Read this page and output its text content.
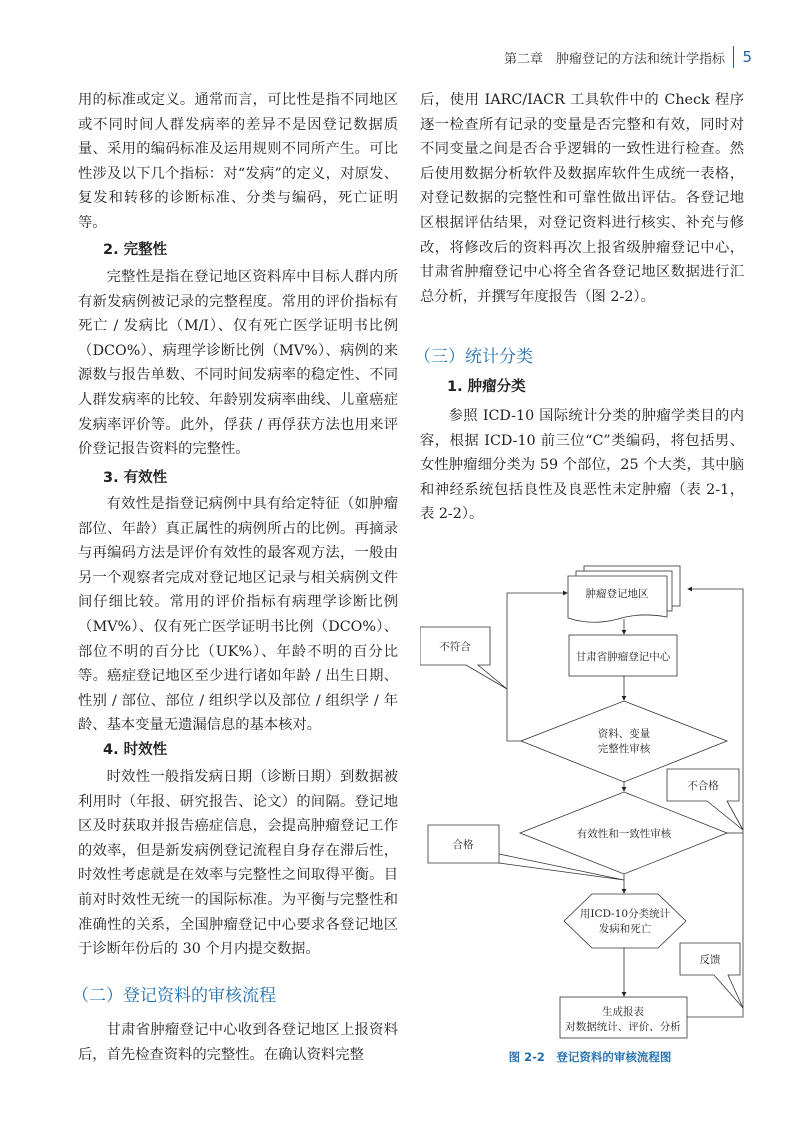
第二章　肿瘤登记的方法和统计学指标 5

用的标准或定义。通常而言，可比性是指不同地区或不同时间人群发病率的差异不是因登记数据质量、采用的编码标准及运用规则不同所产生。可比性涉及以下几个指标：对“发病”的定义，对原发、复发和转移的诊断标准、分类与编码，死亡证明等。

2. 完整性

完整性是指在登记地区资料库中目标人群内所有新发病例被记录的完整程度。常用的评价指标有死亡 / 发病比（M/I）、仅有死亡医学证明书比例（DCO%）、病理学诊断比例（MV%）、病例的来源数与报告单数、不同时间发病率的稳定性、不同人群发病率的比较、年龄别发病率曲线、儿童癌症发病率评价等。此外，俘获 / 再俘获方法也用来评价登记报告资料的完整性。

3. 有效性

有效性是指登记病例中具有给定特征（如肿瘤部位、年龄）真正属性的病例所占的比例。再摘录与再编码方法是评价有效性的最客观方法，一般由另一个观察者完成对登记地区记录与相关病例文件间仔细比较。常用的评价指标有病理学诊断比例（MV%）、仅有死亡医学证明书比例（DCO%）、部位不明的百分比（UK%）、年龄不明的百分比等。癌症登记地区至少进行诸如年龄 / 出生日期、性别 / 部位、部位 / 组织学以及部位 / 组织学 / 年龄、基本变量无遗漏信息的基本核对。

4. 时效性

时效性一般指发病日期（诊断日期）到数据被利用时（年报、研究报告、论文）的间隔。登记地区及时获取并报告癌症信息，会提高肿瘤登记工作的效率，但是新发病例登记流程自身存在滞后性，时效性考虑就是在效率与完整性之间取得平衡。目前对时效性无统一的国际标准。为平衡与完整性和准确性的关系，全国肿瘤登记中心要求各登记地区于诊断年份后的 30 个月内提交数据。

（二）登记资料的审核流程

甘肃省肿瘤登记中心收到各登记地区上报资料后，首先检查资料的完整性。在确认资料完整

后，使用 IARC/IACR 工具软件中的 Check 程序逐一检查所有记录的变量是否完整和有效，同时对不同变量之间是否合乎逻辑的一致性进行检查。然后使用数据分析软件及数据库软件生成统一表格，对登记数据的完整性和可靠性做出评估。各登记地区根据评估结果，对登记资料进行核实、补充与修改，将修改后的资料再次上报省级肿瘤登记中心，甘肃省肿瘤登记中心将全省各登记地区数据进行汇总分析，并撰写年度报告（图 2-2）。

（三）统计分类
1. 肿瘤分类

参照 ICD-10 国际统计分类的肿瘤学类目的内容，根据 ICD-10 前三位“C”类编码，将包括男、女性肿瘤细分类为 59 个部位，25 个大类，其中脑和神经系统包括良性及良恶性未定肿瘤（表 2-1，表 2-2）。

肿瘤登记地区
甘肃省肿瘤登记中心
资料、变量
完整性审核
有效性和一致性审核
用ICD-10分类统计
发病和死亡
生成报表
对数据统计、评价、分析
不符合
不合格
合格
反馈
图 2-2　登记资料的审核流程图
